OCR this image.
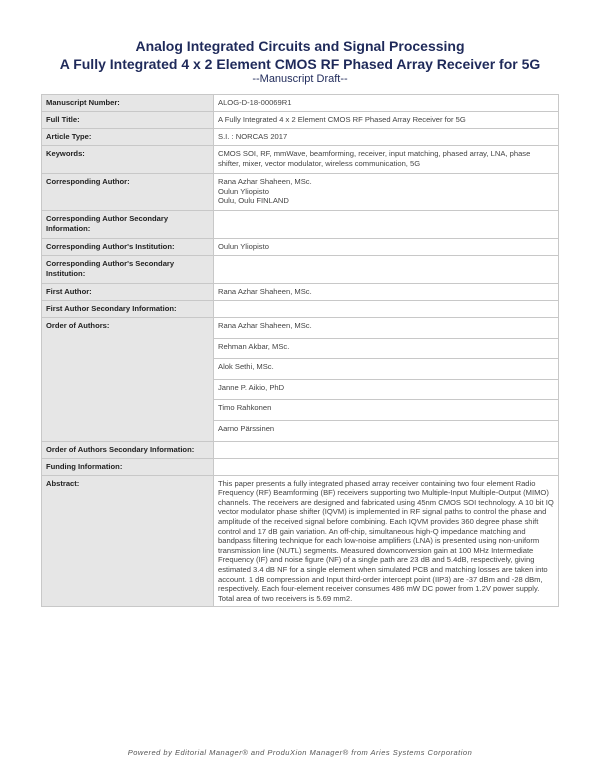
Analog Integrated Circuits and Signal Processing
A Fully Integrated 4 x 2 Element CMOS RF Phased Array Receiver for 5G
--Manuscript Draft--
Manuscript Number:	ALOG-D-18-00069R1
Full Title:	A Fully Integrated 4 x 2 Element CMOS RF Phased Array Receiver for 5G
Article Type:	S.I. : NORCAS 2017
Keywords:	CMOS SOI, RF, mmWave, beamforming, receiver, input matching, phased array, LNA, phase shifter, mixer, vector modulator, wireless communication, 5G
Corresponding Author:	Rana Azhar Shaheen, MSc.
Oulun Yliopisto
Oulu, Oulu FINLAND

Corresponding Author Secondary Information:	
Corresponding Author's Institution:	Oulun Yliopisto
Corresponding Author's Secondary Institution:	
First Author:	Rana Azhar Shaheen, MSc.
First Author Secondary Information:	
Order of Authors:	Rana Azhar Shaheen, MSc.
	Rehman Akbar, MSc.
	Alok Sethi, MSc.
	Janne P. Aikio, PhD
	Timo Rahkonen
	Aarno Pärssinen
Order of Authors Secondary Information:	
Funding Information:	
Abstract:	This paper presents a fully integrated phased array receiver containing two four element Radio Frequency (RF) Beamforming (BF) receivers supporting two Multiple-Input Multiple-Output (MIMO) channels. The receivers are designed and fabricated using 45nm CMOS SOI technology. A 10 bit IQ vector modulator phase shifter (IQVM) is implemented in RF signal paths to control the phase and amplitude of the received signal before combining. Each IQVM provides 360 degree phase shift control and 17 dB gain variation. An off-chip, simultaneous high-Q impedance matching and bandpass filtering technique for each low-noise amplifiers (LNA) is presented using non-uniform transmission line (NUTL) segments. Measured downconversion gain at 100 MHz Intermediate Frequency (IF) and noise figure (NF) of a single path are 23 dB and 5.4dB, respectively, giving estimated 3.4 dB NF for a single element when simulated PCB and matching losses are taken into account. 1 dB compression and Input third-order intercept point (IIP3) are -37 dBm and -28 dBm, respectively. Each four-element receiver consumes 486 mW DC power from 1.2V power supply. Total area of two receivers is 5.69 mm2.
Powered by Editorial Manager® and ProduXion Manager® from Aries Systems Corporation
